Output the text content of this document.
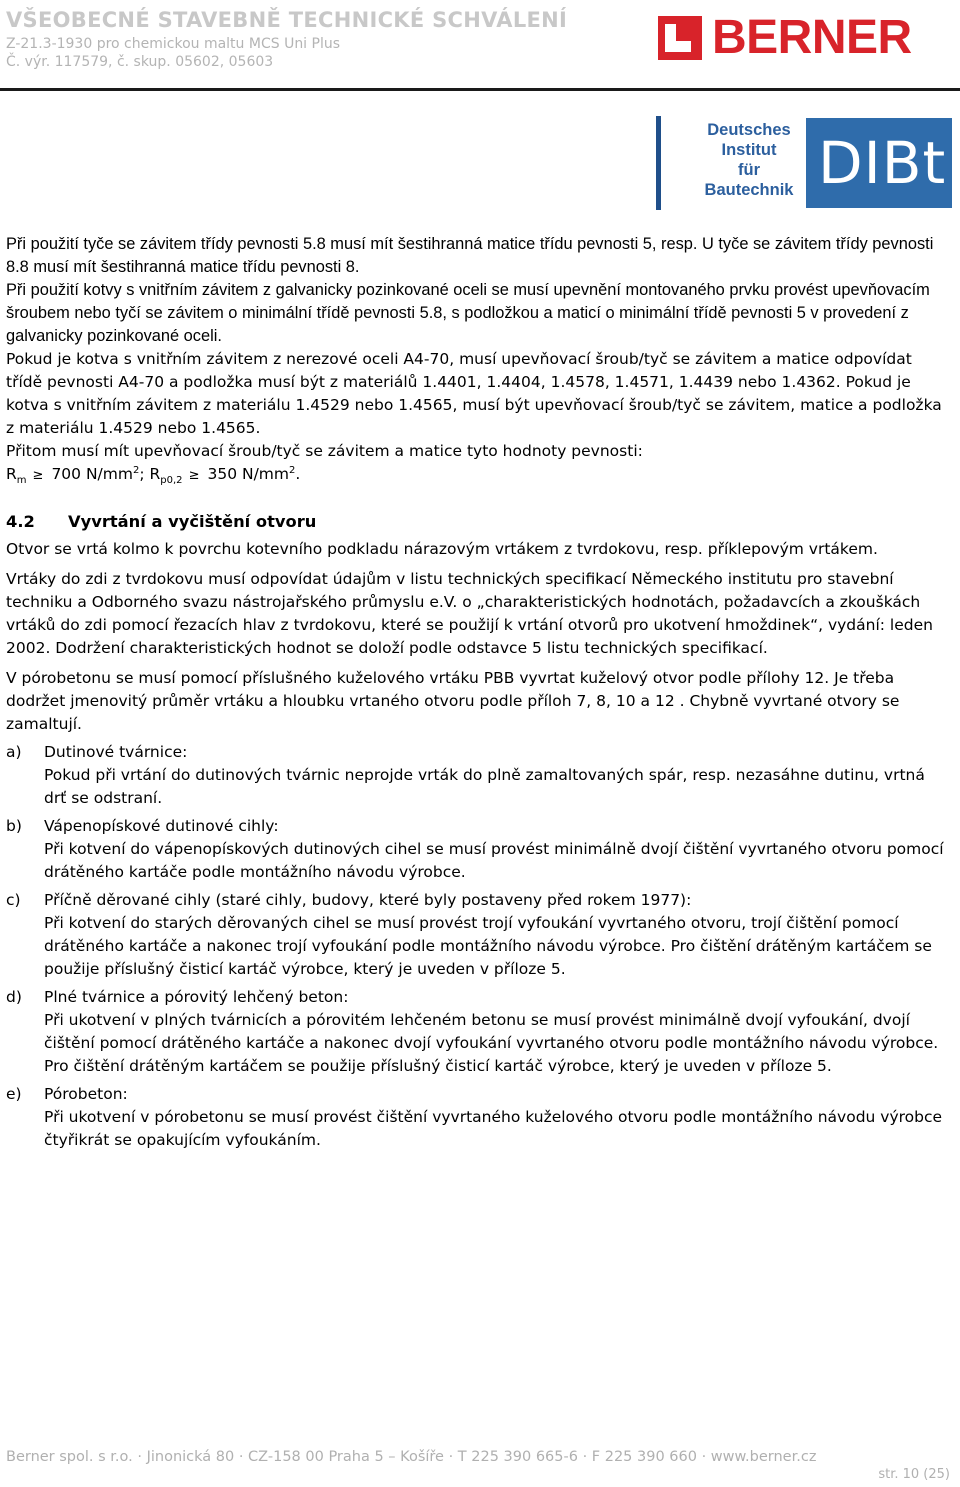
VŠEOBECNÉ STAVEBNĚ TECHNICKÉ SCHVÁLENÍ
Z-21.3-1930 pro chemickou maltu MCS Uni Plus
Č. výr. 117579, č. skup. 05602, 05603	BERNER
Deutsches
Institut
für
Bautechnik DIBt

Při použití tyče se závitem třídy pevnosti 5.8 musí mít šestihranná matice třídu pevnosti 5, resp. U tyče se závitem třídy pevnosti 8.8 musí mít šestihranná matice třídu pevnosti 8.

Při použití kotvy s vnitřním závitem z galvanicky pozinkované oceli se musí upevnění montovaného prvku provést upevňovacím šroubem nebo tyčí se závitem o minimální třídě pevnosti 5.8, s podložkou a maticí o minimální třídě pevnosti 5 v provedení z galvanicky pozinkované oceli.

Pokud je kotva s vnitřním závitem z nerezové oceli A4-70, musí upevňovací šroub/tyč se závitem a matice odpovídat třídě pevnosti A4-70 a podložka musí být z materiálů 1.4401, 1.4404, 1.4578, 1.4571, 1.4439 nebo 1.4362. Pokud je kotva s vnitřním závitem z materiálu 1.4529 nebo 1.4565, musí být upevňovací šroub/tyč se závitem, matice a podložka z materiálu 1.4529 nebo 1.4565.

Přitom musí mít upevňovací šroub/tyč se závitem a matice tyto hodnoty pevnosti:

$R_m \ge 700$ $N/mm^2$; $R_{p0,2} \ge 350$ $N/mm^2$.

4.2 Vyvrtání a vyčištění otvoru

Otvor se vrtá kolmo k povrchu kotevního podkladu nárazovým vrtákem z tvrdokovu, resp. příklepovým vrtákem.

Vrtáky do zdi z tvrdokovu musí odpovídat údajům v listu technických specifikací Německého institutu pro stavební techniku a Odborného svazu nástrojařského průmyslu e.V. o „charakteristických hodnotách, požadavcích a zkouškách vrtáků do zdi pomocí řezacích hlav z tvrdokovu, které se použijí k vrtání otvorů pro ukotvení hmoždinek“, vydání: leden 2002. Dodržení charakteristických hodnot se doloží podle odstavce 5 listu technických specifikací.

V pórobetonu se musí pomocí příslušného kuželového vrtáku PBB vyvrtat kuželový otvor podle přílohy 12. Je třeba dodržet jmenovitý průměr vrtáku a hloubku vrtaného otvoru podle příloh 7, 8, 10 a 12 . Chybně vyvrtané otvory se zamaltují.

a) Dutinové tvárnice:
Pokud při vrtání do dutinových tvárnic neprojde vrták do plně zamaltovaných spár, resp. nezasáhne dutinu, vrtná drť se odstraní.
b) Vápenopískové dutinové cihly:
Při kotvení do vápenopískových dutinových cihel se musí provést minimálně dvojí čištění vyvrtaného otvoru pomocí drátěného kartáče podle montážního návodu výrobce.
c) Příčně děrované cihly (staré cihly, budovy, které byly postaveny před rokem 1977):
Při kotvení do starých děrovaných cihel se musí provést trojí vyfoukání vyvrtaného otvoru, trojí čištění pomocí drátěného kartáče a nakonec trojí vyfoukání podle montážního návodu výrobce. Pro čištění drátěným kartáčem se použije příslušný čisticí kartáč výrobce, který je uveden v příloze 5.
d) Plné tvárnice a pórovitý lehčený beton:
Při ukotvení v plných tvárnicích a pórovitém lehčeném betonu se musí provést minimálně dvojí vyfoukání, dvojí čištění pomocí drátěného kartáče a nakonec dvojí vyfoukání vyvrtaného otvoru podle montážního návodu výrobce. Pro čištění drátěným kartáčem se použije příslušný čisticí kartáč výrobce, který je uveden v příloze 5.
e) Pórobeton:
Při ukotvení v pórobetonu se musí provést čištění vyvrtaného kuželového otvoru podle montážního návodu výrobce čtyřikrát se opakujícím vyfoukáním.
Berner spol. s r.o. · Jinonická 80 · CZ-158 00 Praha 5 – Košíře · T 225 390 665-6 · F 225 390 660 · www.berner.cz
str. 10 (25)
